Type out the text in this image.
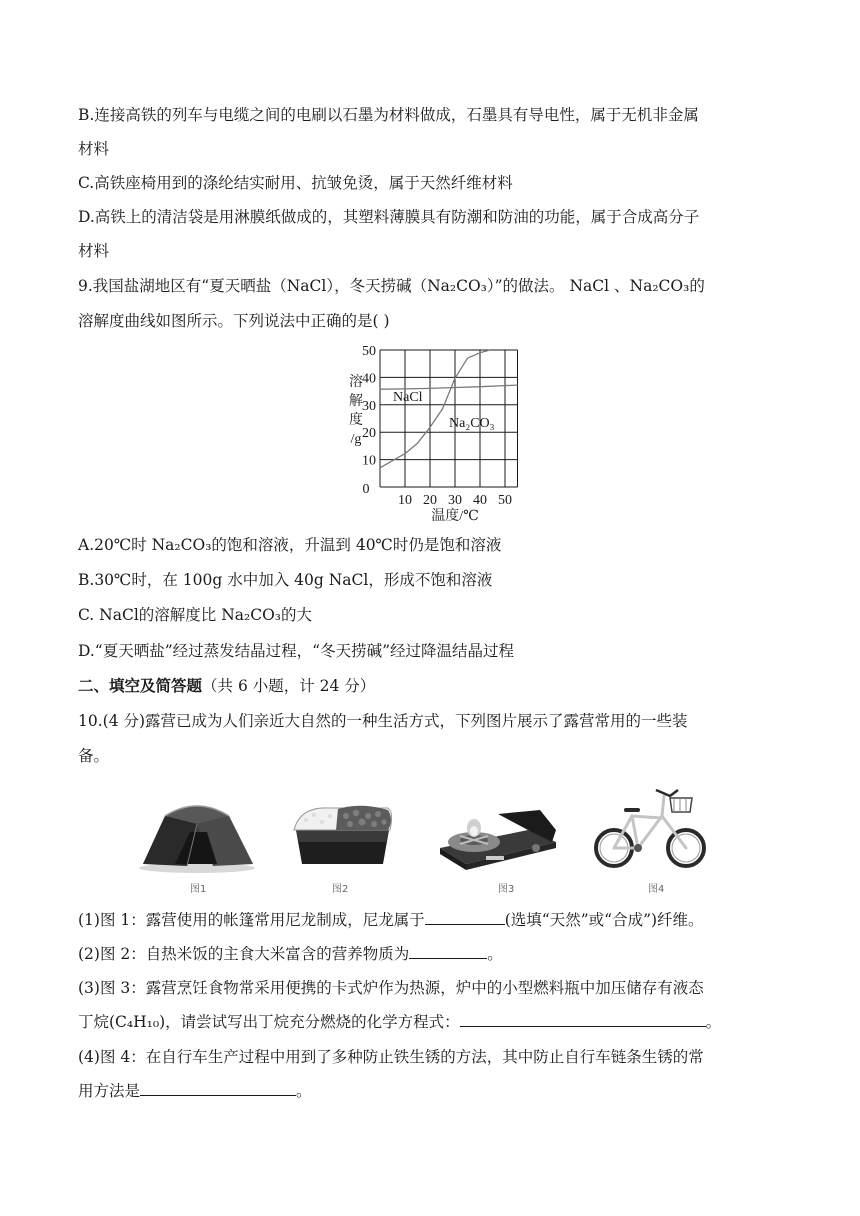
B.连接高铁的列车与电缆之间的电刷以石墨为材料做成，石墨具有导电性，属于无机非金属
材料
C.高铁座椅用到的涤纶结实耐用、抗皱免烫，属于天然纤维材料
D.高铁上的清洁袋是用淋膜纸做成的，其塑料薄膜具有防潮和防油的功能，属于合成高分子
材料
9.我国盐湖地区有“夏天晒盐（NaCl），冬天捞碱（Na₂CO₃）”的做法。 NaCl 、Na₂CO₃的
溶解度曲线如图所示。下列说法中正确的是( )
10 20 30 40 50
10
20
30
40
50
溶
解
度
/g
0
温度/℃
NaCl
Na₂CO₃
A.20℃时 Na₂CO₃的饱和溶液，升温到 40℃时仍是饱和溶液
B.30℃时，在 100g 水中加入 40g NaCl，形成不饱和溶液
C. NaCl的溶解度比 Na₂CO₃的大
D.“夏天晒盐”经过蒸发结晶过程，“冬天捞碱”经过降温结晶过程
二、填空及简答题（共 6 小题，计 24 分）
10.(4 分)露营已成为人们亲近大自然的一种生活方式，下列图片展示了露营常用的一些装
备。
图1	图2	图3	图4
(1)图 1：露营使用的帐篷常用尼龙制成，尼龙属于	(选填“天然”或“合成”)纤维。
(2)图 2：自热米饭的主食大米富含的营养物质为	。
(3)图 3：露营烹饪食物常采用便携的卡式炉作为热源，炉中的小型燃料瓶中加压储存有液态
丁烷(C₄H₁₀)，请尝试写出丁烷充分燃烧的化学方程式：	。
(4)图 4：在自行车生产过程中用到了多种防止铁生锈的方法，其中防止自行车链条生锈的常
用方法是	。
